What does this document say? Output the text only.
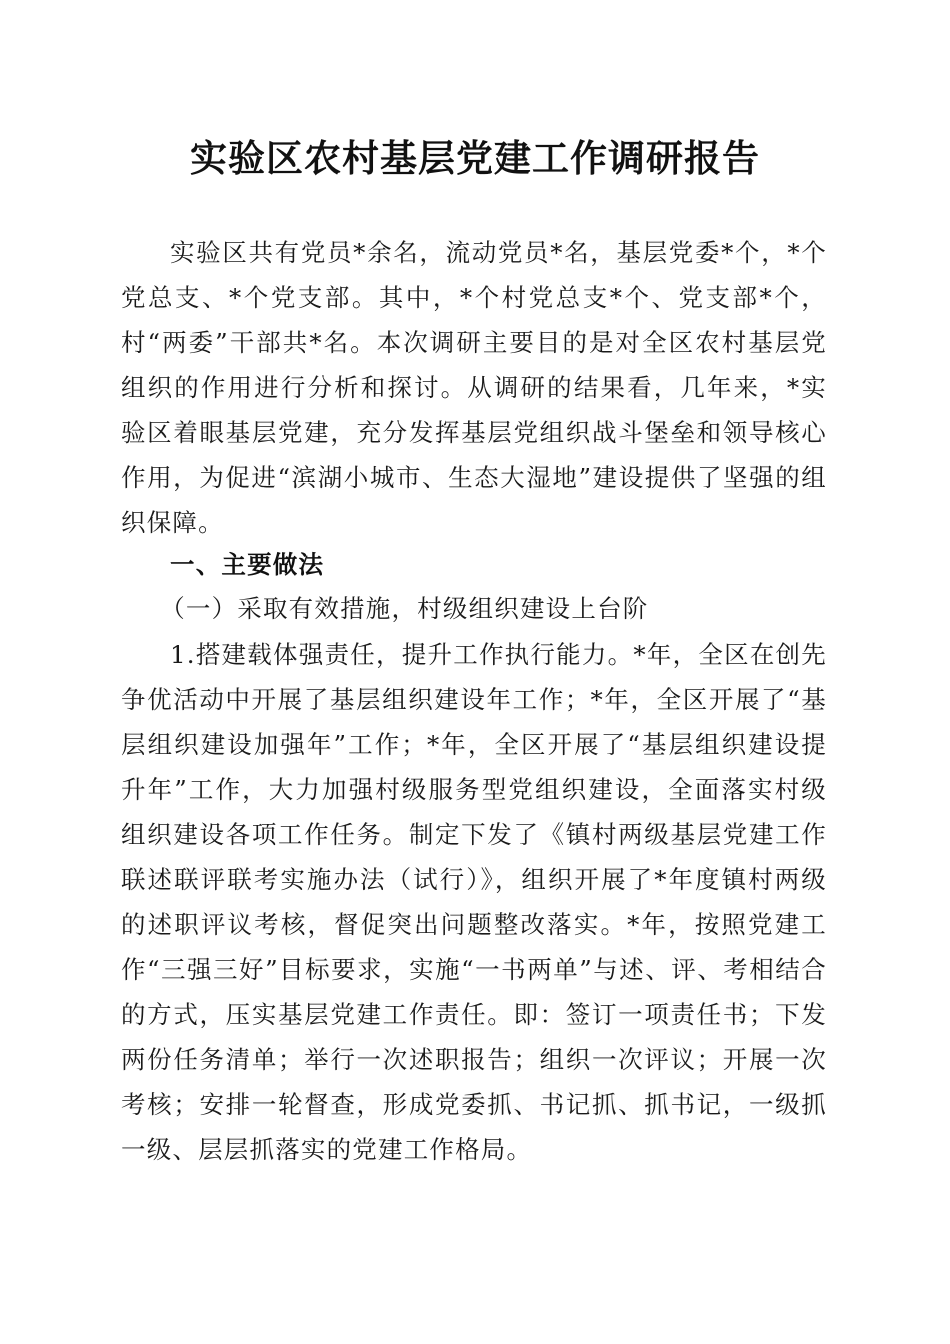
实验区农村基层党建工作调研报告

实验区共有党员*余名，流动党员*名，基层党委*个，*个党总支、*个党支部。其中，*个村党总支*个、党支部*个，村“两委”干部共*名。本次调研主要目的是对全区农村基层党组织的作用进行分析和探讨。从调研的结果看，几年来，*实验区着眼基层党建，充分发挥基层党组织战斗堡垒和领导核心作用，为促进“滨湖小城市、生态大湿地”建设提供了坚强的组织保障。

一、主要做法
（一）采取有效措施，村级组织建设上台阶

1.搭建载体强责任，提升工作执行能力。*年，全区在创先争优活动中开展了基层组织建设年工作；*年，全区开展了“基层组织建设加强年”工作；*年，全区开展了“基层组织建设提升年”工作，大力加强村级服务型党组织建设，全面落实村级组织建设各项工作任务。制定下发了《镇村两级基层党建工作联述联评联考实施办法（试行）》，组织开展了*年度镇村两级的述职评议考核，督促突出问题整改落实。*年，按照党建工作“三强三好”目标要求，实施“一书两单”与述、评、考相结合的方式，压实基层党建工作责任。即：签订一项责任书；下发两份任务清单；举行一次述职报告；组织一次评议；开展一次考核；安排一轮督查，形成党委抓、书记抓、抓书记，一级抓一级、层层抓落实的党建工作格局。
